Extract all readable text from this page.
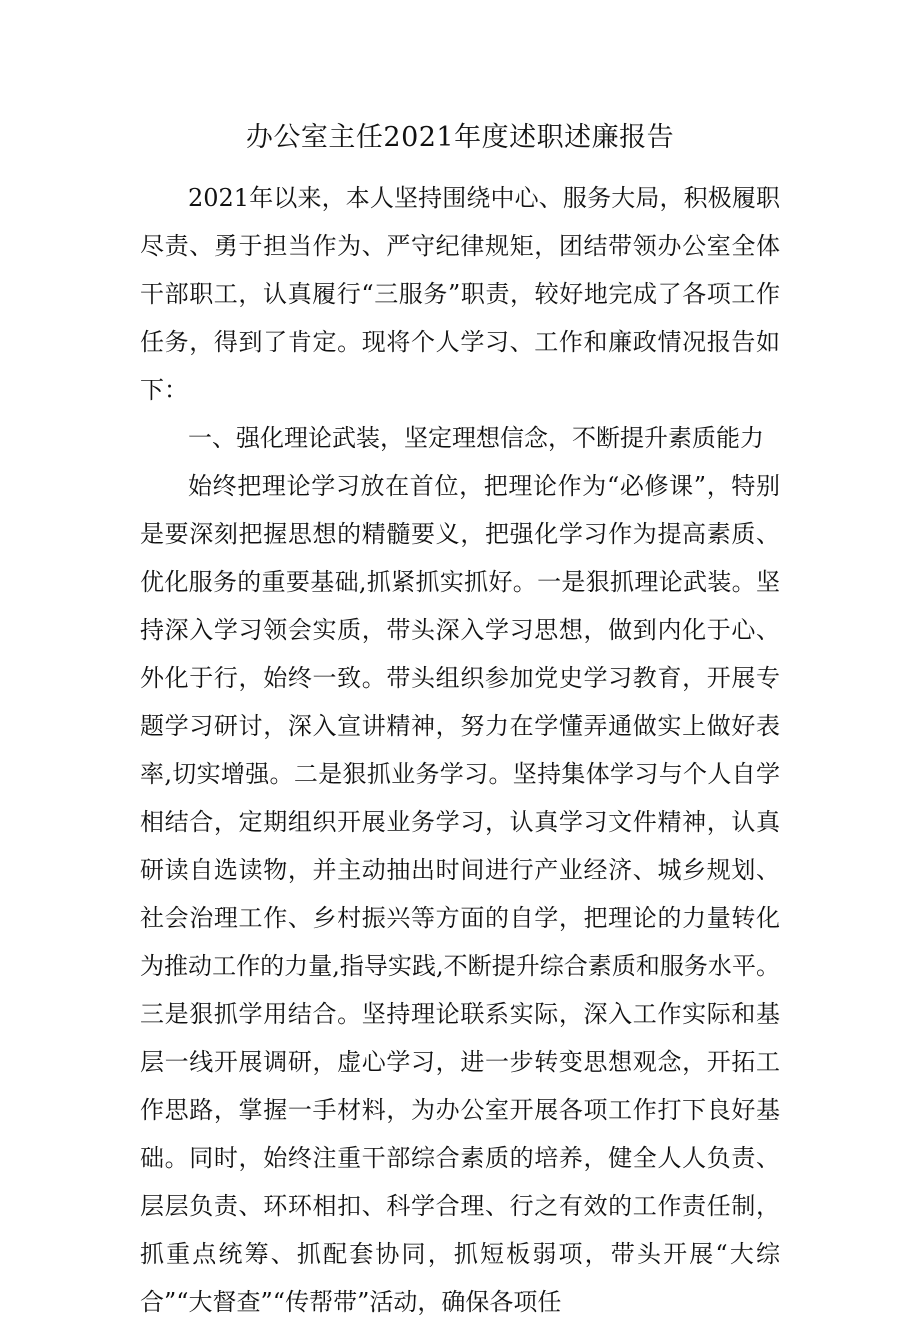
办公室主任2021年度述职述廉报告

2021年以来，本人坚持围绕中心、服务大局，积极履职尽责、勇于担当作为、严守纪律规矩，团结带领办公室全体干部职工，认真履行“三服务”职责，较好地完成了各项工作任务，得到了肯定。现将个人学习、工作和廉政情况报告如下：

一、强化理论武装，坚定理想信念，不断提升素质能力

始终把理论学习放在首位，把理论作为“必修课”，特别是要深刻把握思想的精髓要义，把强化学习作为提高素质、优化服务的重要基础,抓紧抓实抓好。一是狠抓理论武装。坚持深入学习领会实质，带头深入学习思想，做到内化于心、外化于行，始终一致。带头组织参加党史学习教育，开展专题学习研讨，深入宣讲精神，努力在学懂弄通做实上做好表率,切实增强。二是狠抓业务学习。坚持集体学习与个人自学相结合，定期组织开展业务学习，认真学习文件精神，认真研读自选读物，并主动抽出时间进行产业经济、城乡规划、社会治理工作、乡村振兴等方面的自学，把理论的力量转化为推动工作的力量,指导实践,不断提升综合素质和服务水平。三是狠抓学用结合。坚持理论联系实际，深入工作实际和基层一线开展调研，虚心学习，进一步转变思想观念，开拓工作思路，掌握一手材料，为办公室开展各项工作打下良好基础。同时，始终注重干部综合素质的培养，健全人人负责、层层负责、环环相扣、科学合理、行之有效的工作责任制，抓重点统筹、抓配套协同，抓短板弱项，带头开展“大综合”“大督查”“传帮带”活动，确保各项任
